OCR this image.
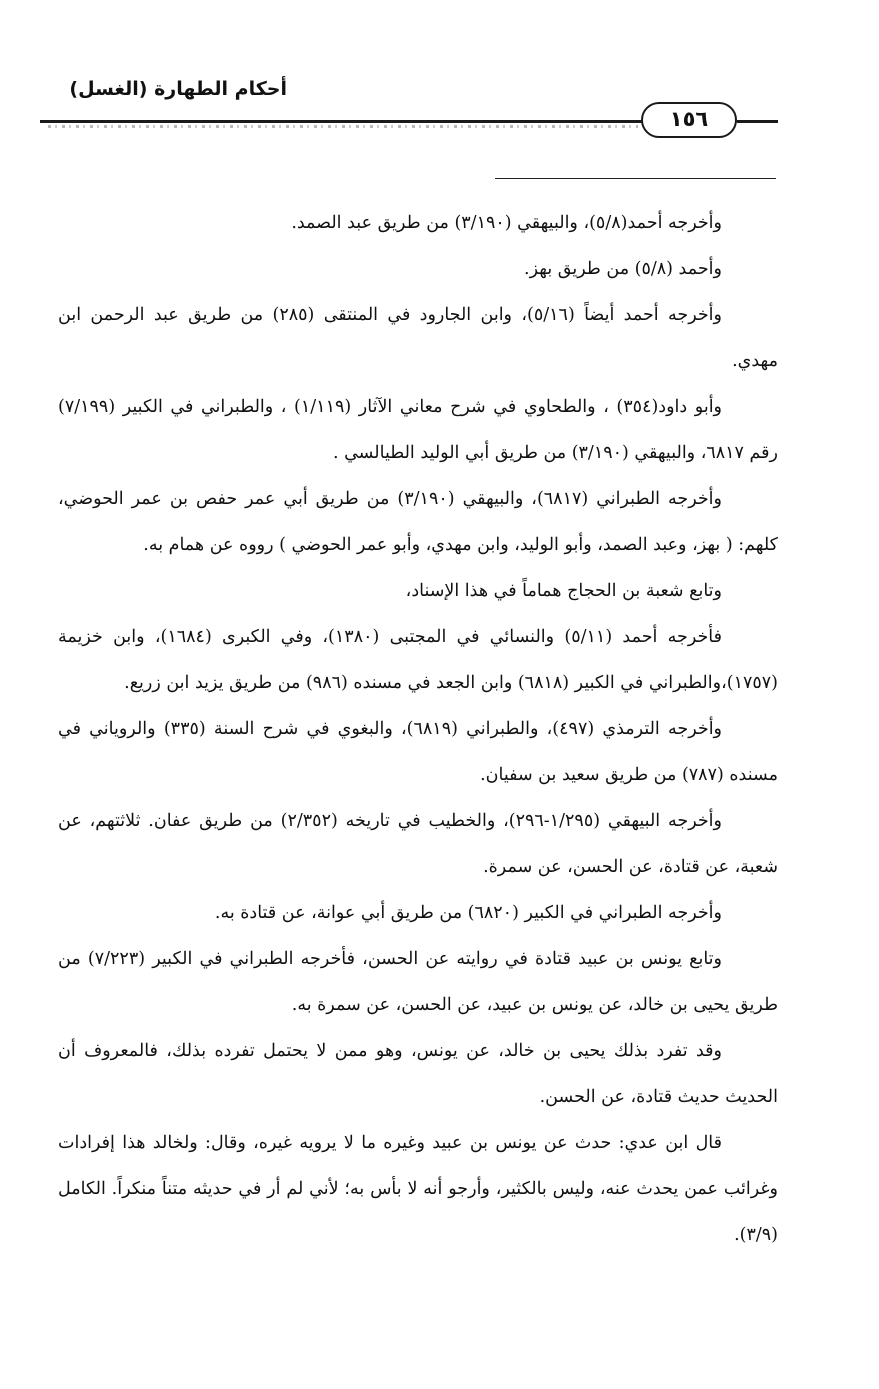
أحكام الطهارة (الغسل)
١٥٦

وأخرجه أحمد(٥/٨)، والبيهقي (٣/١٩٠) من طريق عبد الصمد.

وأحمد (٥/٨) من طريق بهز.

وأخرجه أحمد أيضاً (٥/١٦)، وابن الجارود في المنتقى (٢٨٥) من طريق عبد الرحمن ابن مهدي.

وأبو داود(٣٥٤) ، والطحاوي في شرح معاني الآثار (١/١١٩) ، والطبراني في الكبير (٧/١٩٩) رقم ٦٨١٧، والبيهقي (٣/١٩٠) من طريق أبي الوليد الطيالسي .

وأخرجه الطبراني (٦٨١٧)، والبيهقي (٣/١٩٠) من طريق أبي عمر حفص بن عمر الحوضي، كلهم: ( بهز، وعبد الصمد، وأبو الوليد، وابن مهدي، وأبو عمر الحوضي ) رووه عن همام به.

وتابع شعبة بن الحجاج هماماً في هذا الإسناد،

فأخرجه أحمد (٥/١١) والنسائي في المجتبى (١٣٨٠)، وفي الكبرى (١٦٨٤)، وابن خزيمة (١٧٥٧)،والطبراني في الكبير (٦٨١٨) وابن الجعد في مسنده (٩٨٦) من طريق يزيد ابن زريع.

وأخرجه الترمذي (٤٩٧)، والطبراني (٦٨١٩)، والبغوي في شرح السنة (٣٣٥) والروياني في مسنده (٧٨٧) من طريق سعيد بن سفيان.

وأخرجه البيهقي (١/٢٩٥-٢٩٦)، والخطيب في تاريخه (٢/٣٥٢) من طريق عفان. ثلاثتهم، عن شعبة، عن قتادة، عن الحسن، عن سمرة.

وأخرجه الطبراني في الكبير (٦٨٢٠) من طريق أبي عوانة، عن قتادة به.

وتابع يونس بن عبيد قتادة في روايته عن الحسن، فأخرجه الطبراني في الكبير (٧/٢٢٣) من طريق يحيى بن خالد، عن يونس بن عبيد، عن الحسن، عن سمرة به.

وقد تفرد بذلك يحيى بن خالد، عن يونس، وهو ممن لا يحتمل تفرده بذلك، فالمعروف أن الحديث حديث قتادة، عن الحسن.

قال ابن عدي: حدث عن يونس بن عبيد وغيره ما لا يرويه غيره، وقال: ولخالد هذا إفرادات وغرائب عمن يحدث عنه، وليس بالكثير، وأرجو أنه لا بأس به؛ لأني لم أر في حديثه متناً منكراً. الكامل (٣/٩).
